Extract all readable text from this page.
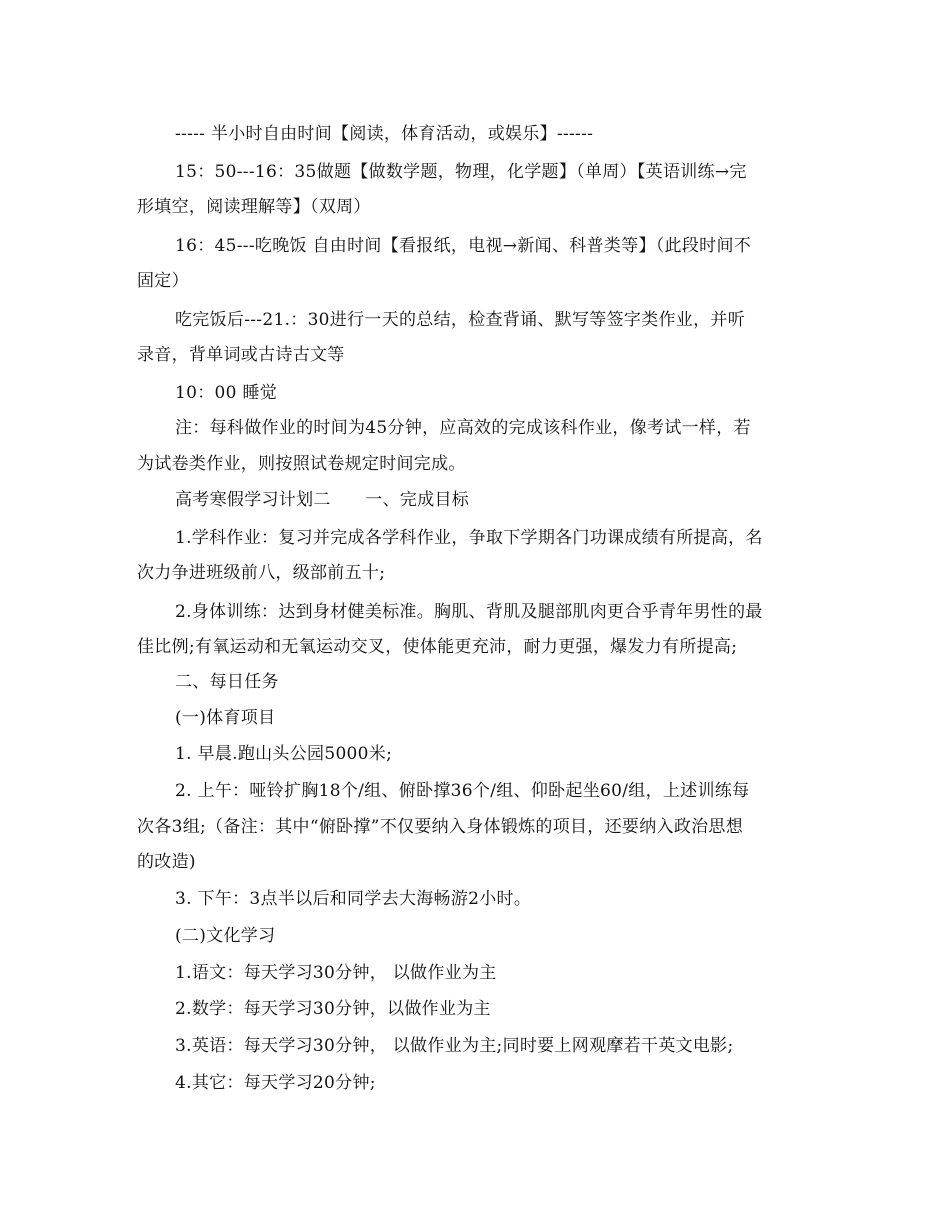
----- 半小时自由时间【阅读，体育活动，或娱乐】------
15：50---16：35做题【做数学题，物理，化学题】（单周）【英语训练→完
形填空，阅读理解等】（双周）
16：45---吃晚饭 自由时间【看报纸，电视→新闻、科普类等】（此段时间不
固定）
吃完饭后---21.：30进行一天的总结，检查背诵、默写等签字类作业，并听
录音，背单词或古诗古文等
10：00 睡觉
注：每科做作业的时间为45分钟，应高效的完成该科作业，像考试一样，若
为试卷类作业，则按照试卷规定时间完成。
高考寒假学习计划二　　一、完成目标
1.学科作业：复习并完成各学科作业，争取下学期各门功课成绩有所提高，名
次力争进班级前八，级部前五十;
2.身体训练：达到身材健美标准。胸肌、背肌及腿部肌肉更合乎青年男性的最
佳比例;有氧运动和无氧运动交叉，使体能更充沛，耐力更强，爆发力有所提高;
二、每日任务
(一)体育项目
1. 早晨.跑山头公园5000米;
2. 上午：哑铃扩胸18个/组、俯卧撑36个/组、仰卧起坐60/组，上述训练每
次各3组;（备注：其中“俯卧撑”不仅要纳入身体锻炼的项目，还要纳入政治思想
的改造)
3. 下午：3点半以后和同学去大海畅游2小时。
(二)文化学习
1.语文：每天学习30分钟， 以做作业为主
2.数学：每天学习30分钟，以做作业为主
3.英语：每天学习30分钟， 以做作业为主;同时要上网观摩若干英文电影;
4.其它：每天学习20分钟;
